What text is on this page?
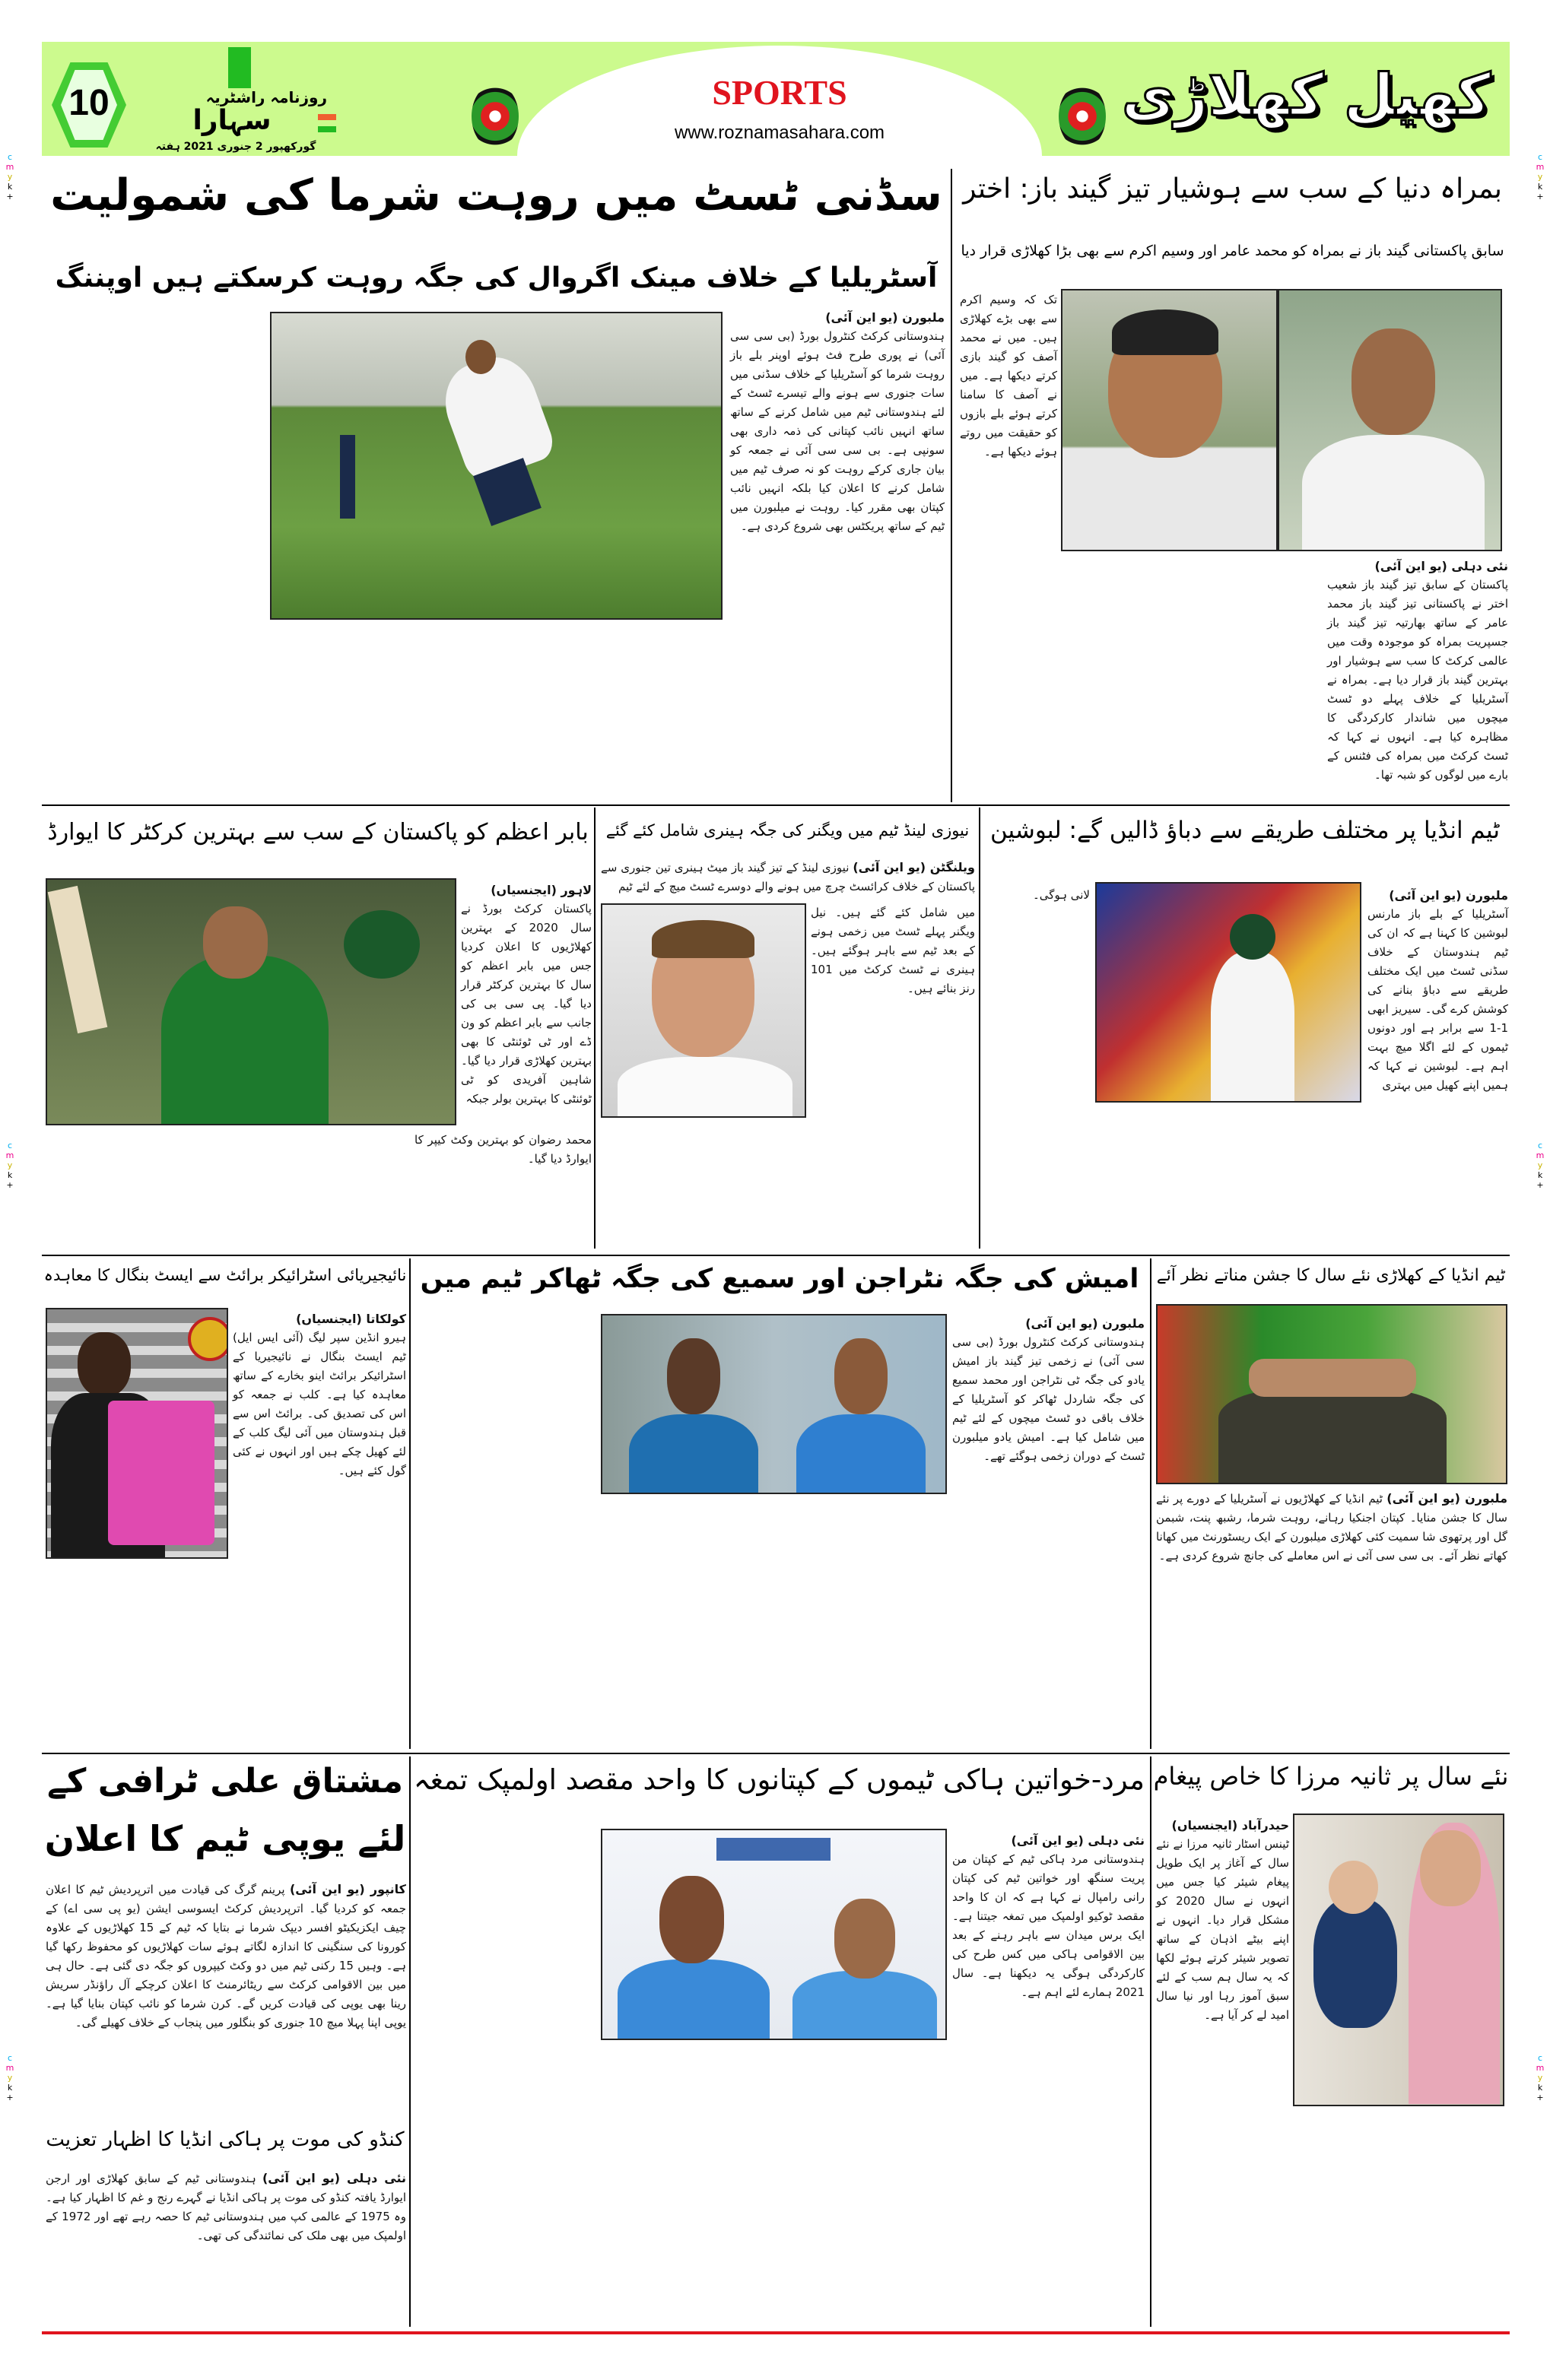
c
m
y
k
+
c
m
y
k
+
c
m
y
k
+
c
m
y
k
+
c
m
y
k
+
c
m
y
k
+
10	روزنامہ راشٹریہ
سہارا
گورکھپور 2 جنوری 2021 ہفتہ
SPORTS
www.roznamasahara.com
کھیل کھلاڑی
سڈنی ٹسٹ میں روہت شرما کی شمولیت
آسٹریلیا کے خلاف مینک اگروال کی جگہ روہت کرسکتے ہیں اوپننگ
ملبورن (یو این آئی)
ہندوستانی کرکٹ کنٹرول بورڈ (بی سی سی آئی) نے پوری طرح فٹ ہوئے اوپنر بلے باز روہت شرما کو آسٹریلیا کے خلاف سڈنی میں سات جنوری سے ہونے والے تیسرے ٹسٹ کے لئے ہندوستانی ٹیم میں شامل کرنے کے ساتھ ساتھ انہیں نائب کپتانی کی ذمہ داری بھی سونپی ہے۔ بی سی سی آئی نے جمعہ کو بیان جاری کرکے روہت کو نہ صرف ٹیم میں شامل کرنے کا اعلان کیا بلکہ انہیں نائب کپتان بھی مقرر کیا۔ روہت نے میلبورن میں ٹیم کے ساتھ پریکٹس بھی شروع کردی ہے۔
بمراہ دنیا کے سب سے ہوشیار تیز گیند باز: اختر
سابق پاکستانی گیند باز نے بمراہ کو محمد عامر اور وسیم اکرم سے بھی بڑا کھلاڑی قرار دیا
تک کہ وسیم اکرم سے بھی بڑے کھلاڑی ہیں۔ میں نے محمد آصف کو گیند بازی کرتے دیکھا ہے۔ میں نے آصف کا سامنا کرتے ہوئے بلے بازوں کو حقیقت میں روتے ہوئے دیکھا ہے۔
نئی دہلی (یو این آئی)
پاکستان کے سابق تیز گیند باز شعیب اختر نے پاکستانی تیز گیند باز محمد عامر کے ساتھ بھارتیہ تیز گیند باز جسپریت بمراہ کو موجودہ وقت میں عالمی کرکٹ کا سب سے ہوشیار اور بہترین گیند باز قرار دیا ہے۔ بمراہ نے آسٹریلیا کے خلاف پہلے دو ٹسٹ میچوں میں شاندار کارکردگی کا مظاہرہ کیا ہے۔ انہوں نے کہا کہ ٹسٹ کرکٹ میں بمراہ کی فٹنس کے بارے میں لوگوں کو شبہ تھا۔
ٹیم انڈیا پر مختلف طریقے سے دباؤ ڈالیں گے: لبوشین
ملبورن (یو این آئی)
آسٹریلیا کے بلے باز مارنس لبوشین کا کہنا ہے کہ ان کی ٹیم ہندوستان کے خلاف سڈنی ٹسٹ میں ایک مختلف طریقے سے دباؤ بنانے کی کوشش کرے گی۔ سیریز ابھی 1-1 سے برابر ہے اور دونوں ٹیموں کے لئے اگلا میچ بہت اہم ہے۔ لبوشین نے کہا کہ ہمیں اپنے کھیل میں بہتری
لانی ہوگی۔
نیوزی لینڈ ٹیم میں ویگنر کی جگہ ہینری شامل کئے گئے
ویلنگٹن (یو این آئی) نیوزی لینڈ کے تیز گیند باز میٹ ہینری تین جنوری سے پاکستان کے خلاف کرائسٹ چرچ میں ہونے والے دوسرے ٹسٹ میچ کے لئے ٹیم
میں شامل کئے گئے ہیں۔ نیل ویگنر پہلے ٹسٹ میں زخمی ہونے کے بعد ٹیم سے باہر ہوگئے ہیں۔ ہینری نے ٹسٹ کرکٹ میں 101 رنز بنائے ہیں۔
بابر اعظم کو پاکستان کے سب سے بہترین کرکٹر کا ایوارڈ
لاہور (ایجنسیاں)
پاکستان کرکٹ بورڈ نے سال 2020 کے بہترین کھلاڑیوں کا اعلان کردیا جس میں بابر اعظم کو سال کا بہترین کرکٹر قرار دیا گیا۔ پی سی بی کی جانب سے بابر اعظم کو ون ڈے اور ٹی ٹوئنٹی کا بھی بہترین کھلاڑی قرار دیا گیا۔ شاہین آفریدی کو ٹی ٹوئنٹی کا بہترین بولر جبکہ
محمد رضوان کو بہترین وکٹ کیپر کا ایوارڈ دیا گیا۔
ٹیم انڈیا کے کھلاڑی نئے سال کا جشن مناتے نظر آئے
ملبورن (یو این آئی) ٹیم انڈیا کے کھلاڑیوں نے آسٹریلیا کے دورے پر نئے سال کا جشن منایا۔ کپتان اجنکیا رہانے، روہت شرما، رشبھ پنت، شبمن گل اور پرتھوی شا سمیت کئی کھلاڑی میلبورن کے ایک ریسٹورنٹ میں کھانا کھاتے نظر آئے۔ بی سی سی آئی نے اس معاملے کی جانچ شروع کردی ہے۔
امیش کی جگہ نٹراجن اور سمیع کی جگہ ٹھاکر ٹیم میں
ملبورن (یو این آئی)
ہندوستانی کرکٹ کنٹرول بورڈ (بی سی سی آئی) نے زخمی تیز گیند باز امیش یادو کی جگہ ٹی نٹراجن اور محمد سمیع کی جگہ شاردل ٹھاکر کو آسٹریلیا کے خلاف باقی دو ٹسٹ میچوں کے لئے ٹیم میں شامل کیا ہے۔ امیش یادو میلبورن ٹسٹ کے دوران زخمی ہوگئے تھے۔
نائیجیریائی اسٹرائیکر برائٹ سے ایسٹ بنگال کا معاہدہ
کولکاتا (ایجنسیاں)
ہیرو انڈین سپر لیگ (آئی ایس ایل) ٹیم ایسٹ بنگال نے نائیجیریا کے اسٹرائیکر برائٹ اینو بخارے کے ساتھ معاہدہ کیا ہے۔ کلب نے جمعہ کو اس کی تصدیق کی۔ برائٹ اس سے قبل ہندوستان میں آئی لیگ کلب کے لئے کھیل چکے ہیں اور انہوں نے کئی گول کئے ہیں۔
نئے سال پر ثانیہ مرزا کا خاص پیغام
حیدرآباد (ایجنسیاں)
ٹینس اسٹار ثانیہ مرزا نے نئے سال کے آغاز پر ایک طویل پیغام شیئر کیا جس میں انہوں نے سال 2020 کو مشکل قرار دیا۔ انہوں نے اپنے بیٹے اذہان کے ساتھ تصویر شیئر کرتے ہوئے لکھا کہ یہ سال ہم سب کے لئے سبق آموز رہا اور نیا سال امید لے کر آیا ہے۔
مرد-خواتین ہاکی ٹیموں کے کپتانوں کا واحد مقصد اولمپک تمغہ
نئی دہلی (یو این آئی)
ہندوستانی مرد ہاکی ٹیم کے کپتان من پریت سنگھ اور خواتین ٹیم کی کپتان رانی رامپال نے کہا ہے کہ ان کا واحد مقصد ٹوکیو اولمپک میں تمغہ جیتنا ہے۔ ایک برس میدان سے باہر رہنے کے بعد بین الاقوامی ہاکی میں کس طرح کی کارکردگی ہوگی یہ دیکھنا ہے۔ سال 2021 ہمارے لئے اہم ہے۔
مشتاق علی ٹرافی کے
لئے یوپی ٹیم کا اعلان
کانپور (یو این آئی) پرینم گرگ کی قیادت میں اترپردیش ٹیم کا اعلان جمعہ کو کردیا گیا۔ اترپردیش کرکٹ ایسوسی ایشن (یو پی سی اے) کے چیف ایکزیکیٹو افسر دیپک شرما نے بتایا کہ ٹیم کے 15 کھلاڑیوں کے علاوہ کورونا کی سنگینی کا اندازہ لگاتے ہوئے سات کھلاڑیوں کو محفوظ رکھا گیا ہے۔ وہیں 15 رکنی ٹیم میں دو وکٹ کیپروں کو جگہ دی گئی ہے۔ حال ہی میں بین الاقوامی کرکٹ سے ریٹائرمنٹ کا اعلان کرچکے آل راؤنڈر سریش رینا بھی یوپی کی قیادت کریں گے۔ کرن شرما کو نائب کپتان بنایا گیا ہے۔ یوپی اپنا پہلا میچ 10 جنوری کو بنگلور میں پنجاب کے خلاف کھیلے گی۔
کنڈو کی موت پر ہاکی انڈیا کا اظہار تعزیت
نئی دہلی (یو این آئی) ہندوستانی ٹیم کے سابق کھلاڑی اور ارجن ایوارڈ یافتہ کنڈو کی موت پر ہاکی انڈیا نے گہرے رنج و غم کا اظہار کیا ہے۔ وہ 1975 کے عالمی کپ میں ہندوستانی ٹیم کا حصہ رہے تھے اور 1972 کے اولمپک میں بھی ملک کی نمائندگی کی تھی۔
